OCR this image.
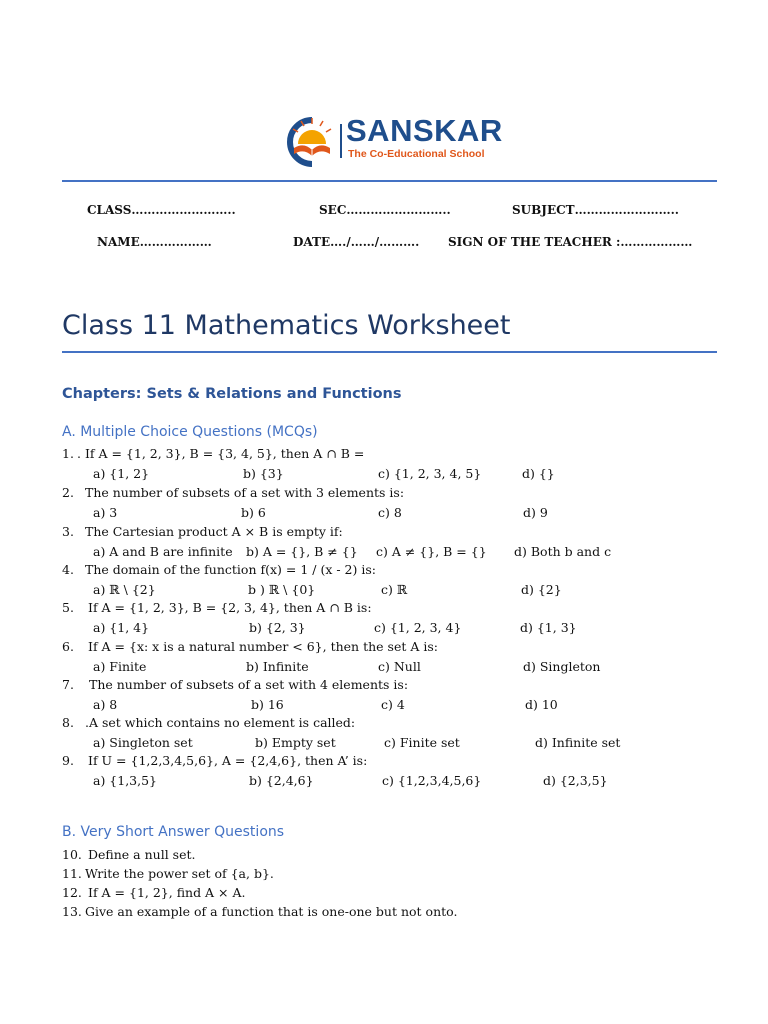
SANSKAR
The Co-Educational School
CLASS……………………..	SEC……………………..	SUBJECT……………………..
NAME………………	DATE…./……/………. SIGN OF THE TEACHER :………………
Class 11 Mathematics Worksheet
Chapters: Sets & Relations and Functions
A. Multiple Choice Questions (MCQs)
1. . If A = {1, 2, 3}, B = {3, 4, 5}, then A ∩ B =
a) {1, 2}	b) {3}	c) {1, 2, 3, 4, 5}	d) {}
2. The number of subsets of a set with 3 elements is:
a) 3	b) 6	c) 8	d) 9
3. The Cartesian product A × B is empty if:
a) A and B are infinite b) A = {}, B ≠ {} c) A ≠ {}, B = {} d) Both b and c
4. The domain of the function f(x) = 1 / (x - 2) is:
a) ℝ \ {2}	b ) ℝ \ {0}	c) ℝ	d) {2}
5. If A = {1, 2, 3}, B = {2, 3, 4}, then A ∩ B is:
a) {1, 4}	b) {2, 3}	c) {1, 2, 3, 4}	d) {1, 3}
6. If A = {x: x is a natural number < 6}, then the set A is:
a) Finite	b) Infinite	c) Null	d) Singleton
7. The number of subsets of a set with 4 elements is:
a) 8	b) 16	c) 4	d) 10
8. .A set which contains no element is called:
a) Singleton set	b) Empty set	c) Finite set	d) Infinite set
9. If U = {1,2,3,4,5,6}, A = {2,4,6}, then A’ is:
a) {1,3,5}	b) {2,4,6}	c) {1,2,3,4,5,6}	d) {2,3,5}
B. Very Short Answer Questions
10. Define a null set.
11. Write the power set of {a, b}.
12. If A = {1, 2}, find A × A.
13. Give an example of a function that is one-one but not onto.
